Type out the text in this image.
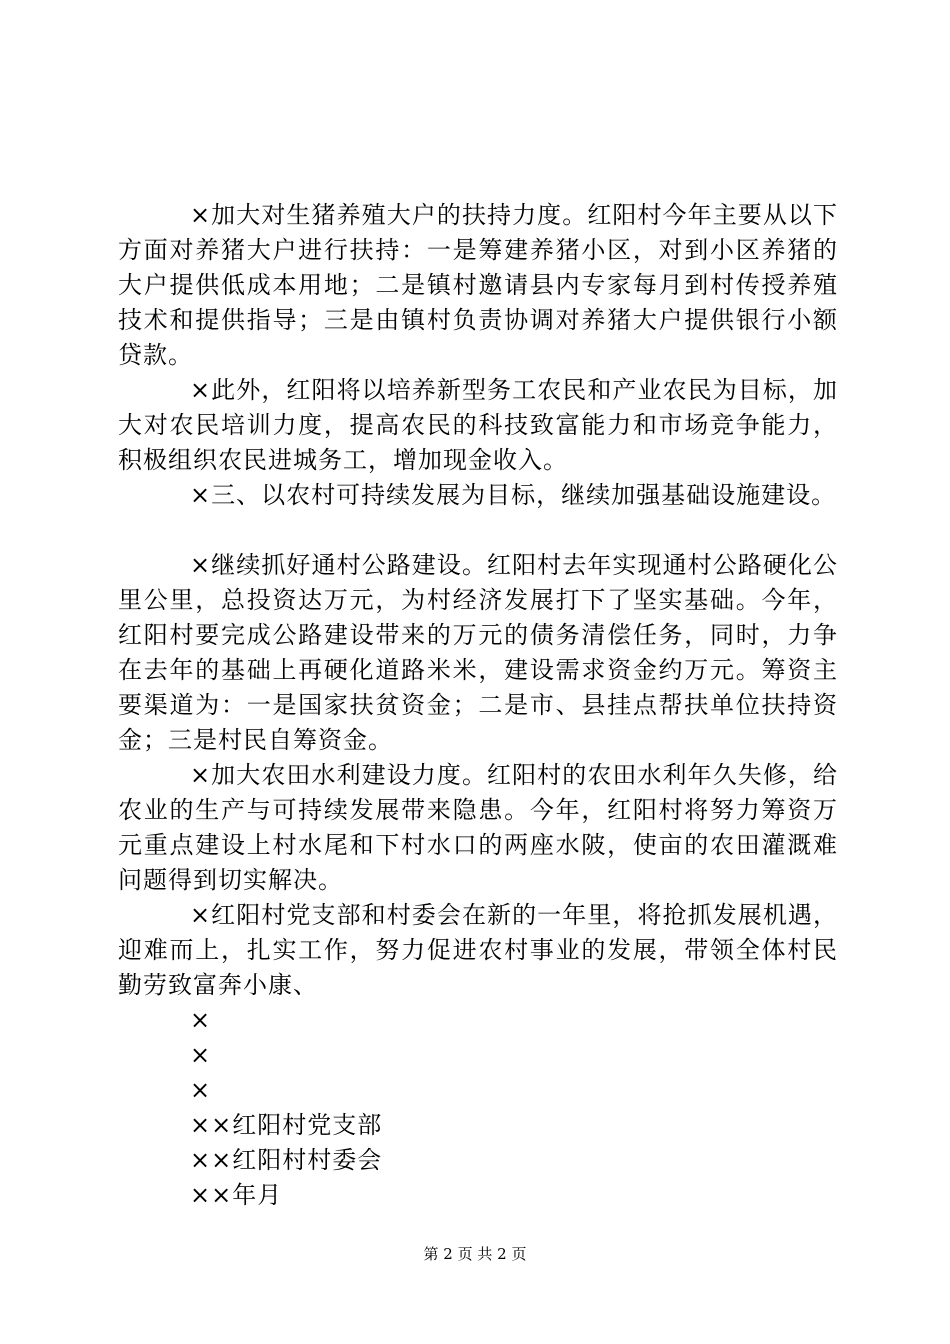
×加大对生猪养殖大户的扶持力度。红阳村今年主要从以下方面对养猪大户进行扶持：一是筹建养猪小区，对到小区养猪的大户提供低成本用地；二是镇村邀请县内专家每月到村传授养殖技术和提供指导；三是由镇村负责协调对养猪大户提供银行小额贷款。

×此外，红阳将以培养新型务工农民和产业农民为目标，加大对农民培训力度，提高农民的科技致富能力和市场竞争能力，积极组织农民进城务工，增加现金收入。

×三、以农村可持续发展为目标，继续加强基础设施建设。

×继续抓好通村公路建设。红阳村去年实现通村公路硬化公里公里，总投资达万元，为村经济发展打下了坚实基础。今年，红阳村要完成公路建设带来的万元的债务清偿任务，同时，力争在去年的基础上再硬化道路米米，建设需求资金约万元。筹资主要渠道为：一是国家扶贫资金；二是市、县挂点帮扶单位扶持资金；三是村民自筹资金。

×加大农田水利建设力度。红阳村的农田水利年久失修，给农业的生产与可持续发展带来隐患。今年，红阳村将努力筹资万元重点建设上村水尾和下村水口的两座水陂，使亩的农田灌溉难问题得到切实解决。

×红阳村党支部和村委会在新的一年里，将抢抓发展机遇，迎难而上，扎实工作，努力促进农村事业的发展，带领全体村民勤劳致富奔小康、

×

×

×

××红阳村党支部

××红阳村村委会

××年月

第 2 页 共 2 页
